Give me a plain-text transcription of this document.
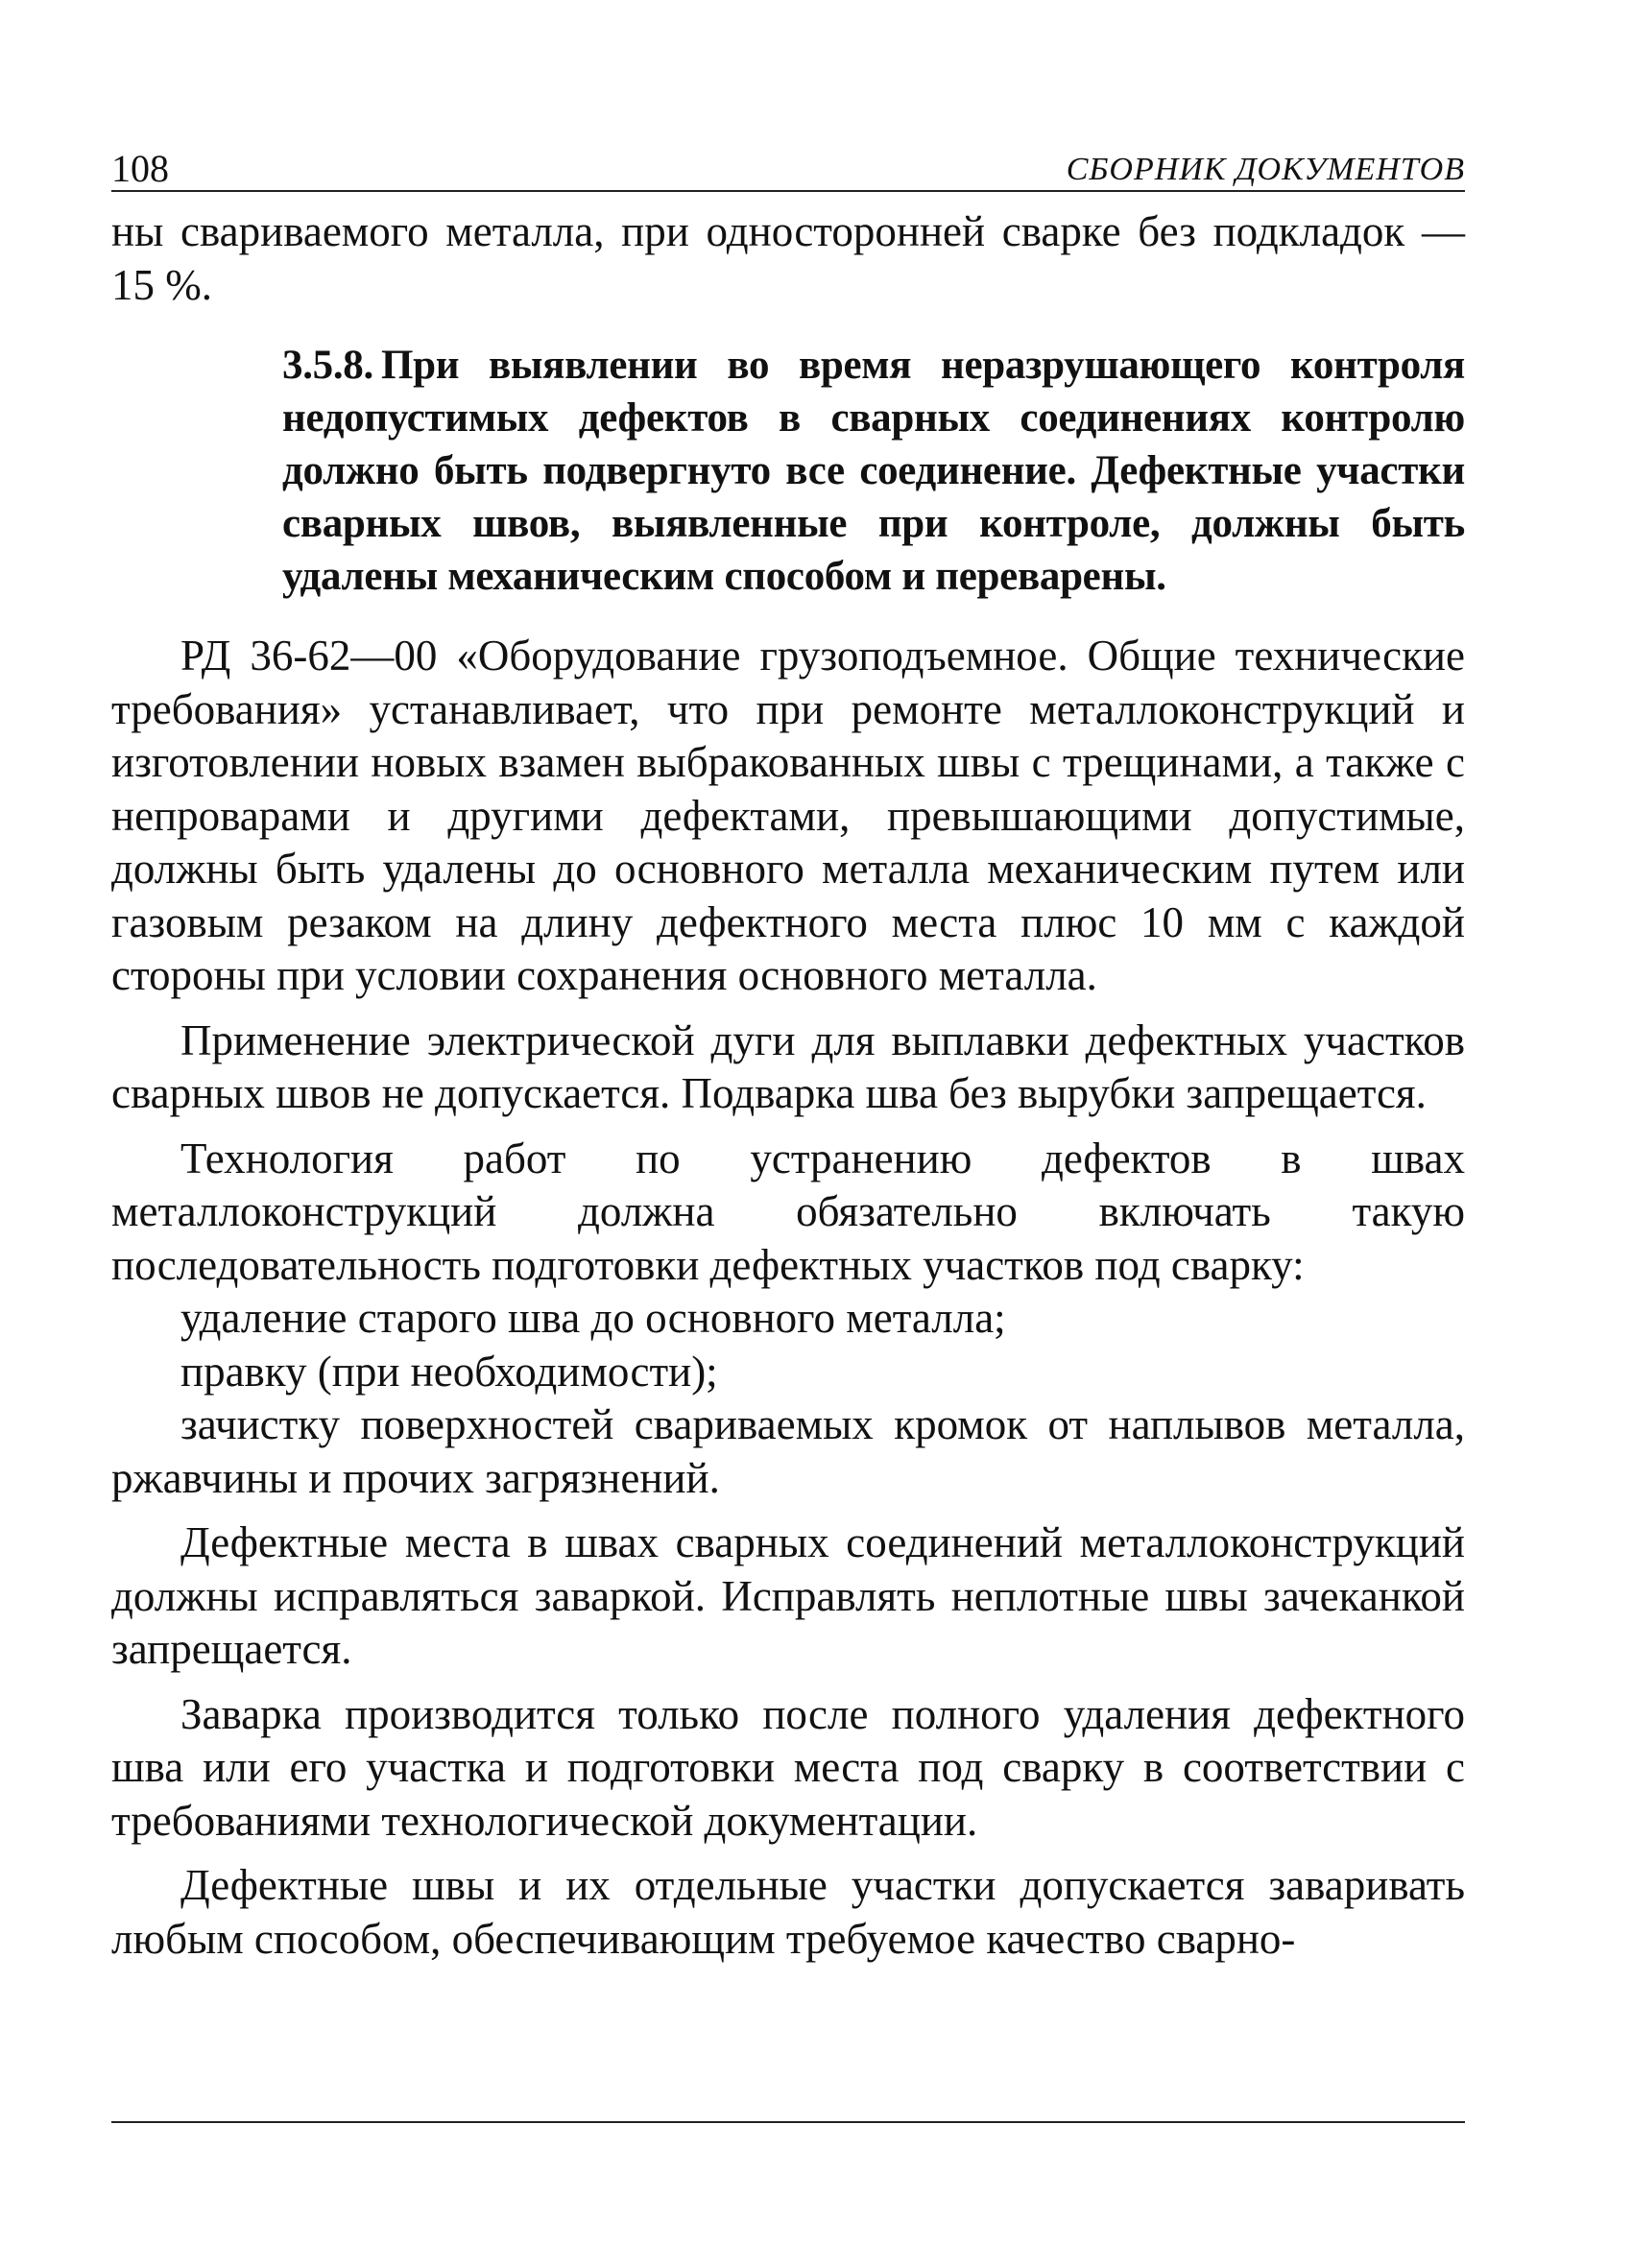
108	СБОРНИК ДОКУМЕНТОВ

ны свариваемого металла, при односторонней сварке без подкладок — 15 %.

3.5.8. При выявлении во время неразрушающего контроля недопустимых дефектов в сварных соединениях контролю должно быть подвергнуто все соединение. Дефектные участки сварных швов, выявленные при контроле, должны быть удалены механическим способом и переварены.

РД 36-62—00 «Оборудование грузоподъемное. Общие технические требования» устанавливает, что при ремонте металлоконструкций и изготовлении новых взамен выбракованных швы с трещинами, а также с непроварами и другими дефектами, превышающими допустимые, должны быть удалены до основного металла механическим путем или газовым резаком на длину дефектного места плюс 10 мм с каждой стороны при условии сохранения основного металла.

Применение электрической дуги для выплавки дефектных участков сварных швов не допускается. Подварка шва без вырубки запрещается.

Технология работ по устранению дефектов в швах металлоконструкций должна обязательно включать такую последовательность подготовки дефектных участков под сварку:

удаление старого шва до основного металла;

правку (при необходимости);

зачистку поверхностей свариваемых кромок от наплывов металла, ржавчины и прочих загрязнений.

Дефектные места в швах сварных соединений металлоконструкций должны исправляться заваркой. Исправлять неплотные швы зачеканкой запрещается.

Заварка производится только после полного удаления дефектного шва или его участка и подготовки места под сварку в соответствии с требованиями технологической документации.

Дефектные швы и их отдельные участки допускается заваривать любым способом, обеспечивающим требуемое качество сварно-
